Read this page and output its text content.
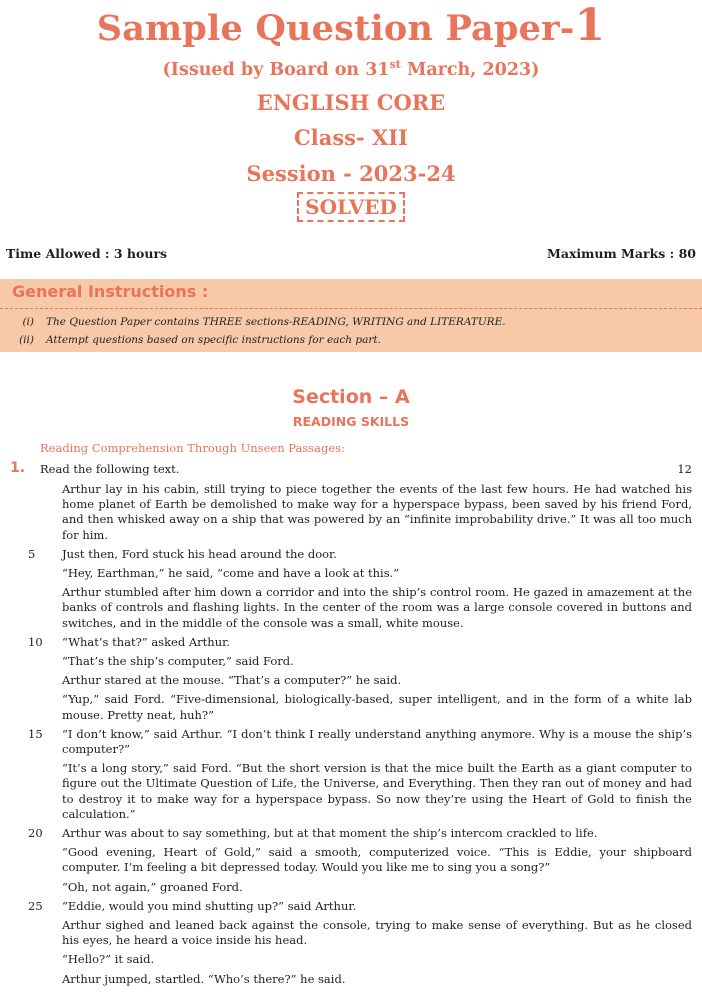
Sample Question Paper-1
(Issued by Board on 31st March, 2023)
ENGLISH CORE
Class- XII
Session - 2023-24
SOLVED
Time Allowed : 3 hours	Maximum Marks : 80
General Instructions :
(i) The Question Paper contains THREE sections-READING, WRITING and LITERATURE.
(ii) Attempt questions based on specific instructions for each part.
Section – A
READING SKILLS
Reading Comprehension Through Unseen Passages:
1. Read the following text.	12

Arthur lay in his cabin, still trying to piece together the events of the last few hours. He had watched his home planet of Earth be demolished to make way for a hyperspace bypass, been saved by his friend Ford, and then whisked away on a ship that was powered by an “infinite improbability drive.” It was all too much for him.

5 Just then, Ford stuck his head around the door.

“Hey, Earthman,” he said, “come and have a look at this.”

Arthur stumbled after him down a corridor and into the ship’s control room. He gazed in amazement at the banks of controls and flashing lights. In the center of the room was a large console covered in buttons and switches, and in the middle of the console was a small, white mouse.

10 “What’s that?” asked Arthur.

“That’s the ship’s computer,” said Ford.

Arthur stared at the mouse. “That’s a computer?” he said.

“Yup,” said Ford. “Five-dimensional, biologically-based, super intelligent, and in the form of a white lab mouse. Pretty neat, huh?”

15 “I don’t know,” said Arthur. “I don’t think I really understand anything anymore. Why is a mouse the ship’s computer?”

“It’s a long story,” said Ford. “But the short version is that the mice built the Earth as a giant computer to figure out the Ultimate Question of Life, the Universe, and Everything. Then they ran out of money and had to destroy it to make way for a hyperspace bypass. So now they’re using the Heart of Gold to finish the calculation.”

20 Arthur was about to say something, but at that moment the ship’s intercom crackled to life.

“Good evening, Heart of Gold,” said a smooth, computerized voice. “This is Eddie, your shipboard computer. I’m feeling a bit depressed today. Would you like me to sing you a song?”

“Oh, not again,” groaned Ford.

25 “Eddie, would you mind shutting up?” said Arthur.

Arthur sighed and leaned back against the console, trying to make sense of everything. But as he closed his eyes, he heard a voice inside his head.

“Hello?” it said.

Arthur jumped, startled. “Who’s there?” he said.
